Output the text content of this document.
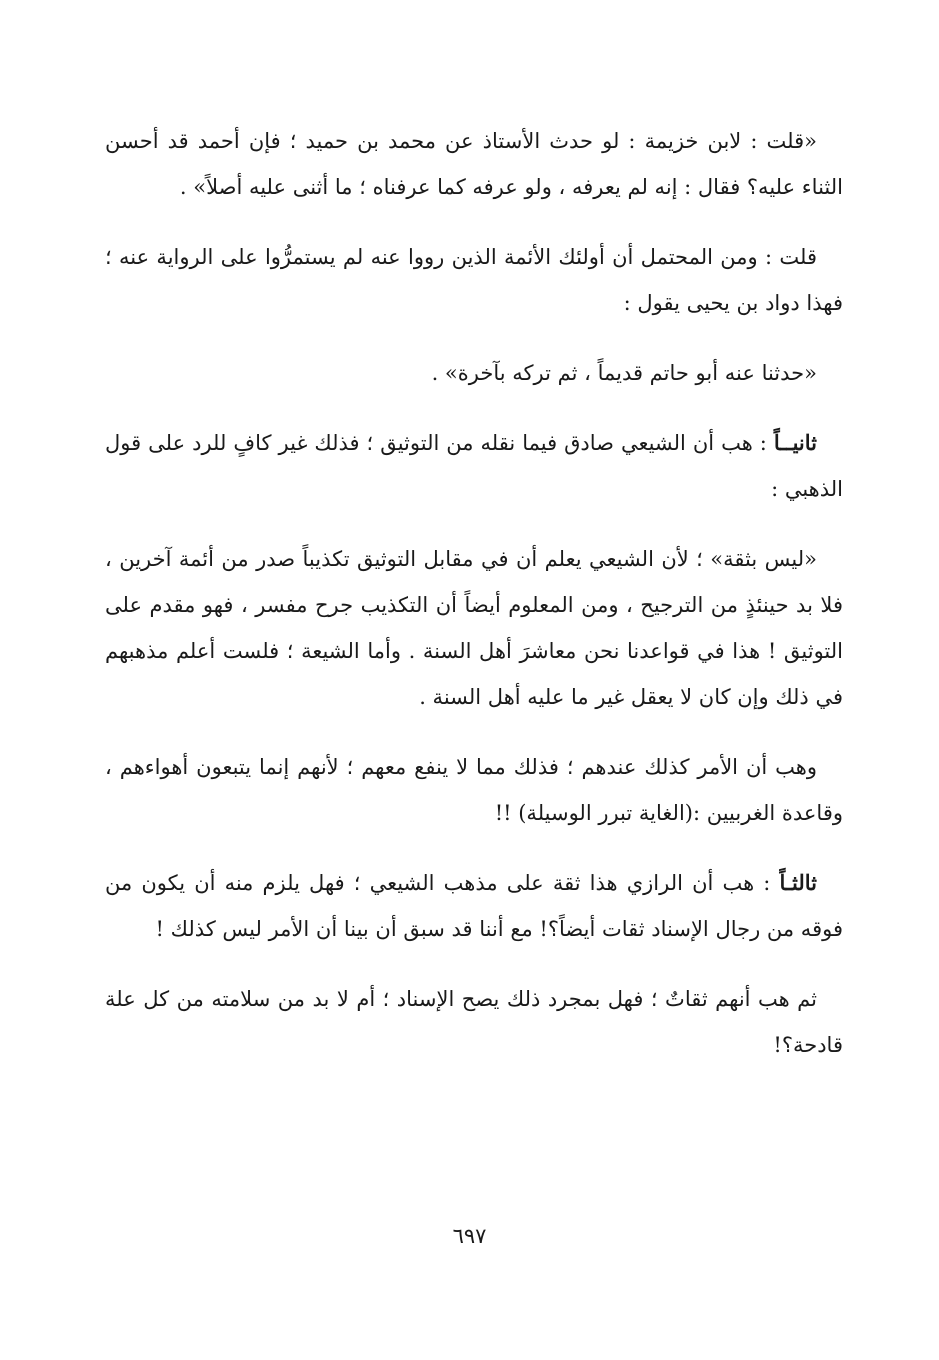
«قلت : لابن خزيمة : لو حدث الأستاذ عن محمد بن حميد ؛ فإن أحمد قد أحسن الثناء عليه؟ فقال : إنه لم يعرفه ، ولو عرفه كما عرفناه ؛ ما أثنى عليه أصلاً» .

قلت : ومن المحتمل أن أولئك الأئمة الذين رووا عنه لم يستمرُّوا على الرواية عنه ؛ فهذا دواد بن يحيى يقول :

«حدثنا عنه أبو حاتم قديماً ، ثم تركه بآخرة» .

ثانيــاً : هب أن الشيعي صادق فيما نقله من التوثيق ؛ فذلك غير كافٍ للرد على قول الذهبي :

«ليس بثقة» ؛ لأن الشيعي يعلم أن في مقابل التوثيق تكذيباً صدر من أئمة آخرين ، فلا بد حينئذٍ من الترجيح ، ومن المعلوم أيضاً أن التكذيب جرح مفسر ، فهو مقدم على التوثيق ! هذا في قواعدنا نحن معاشرَ أهل السنة . وأما الشيعة ؛ فلست أعلم مذهبهم في ذلك وإن كان لا يعقل غير ما عليه أهل السنة .

وهب أن الأمر كذلك عندهم ؛ فذلك مما لا ينفع معهم ؛ لأنهم إنما يتبعون أهواءهم ، وقاعدة الغربيين :(الغاية تبرر الوسيلة) !!

ثالثـاً : هب أن الرازي هذا ثقة على مذهب الشيعي ؛ فهل يلزم منه أن يكون من فوقه من رجال الإسناد ثقات أيضاً؟! مع أننا قد سبق أن بينا أن الأمر ليس كذلك !

ثم هب أنهم ثقاتٌ ؛ فهل بمجرد ذلك يصح الإسناد ؛ أم لا بد من سلامته من كل علة قادحة؟!

٦٩٧
